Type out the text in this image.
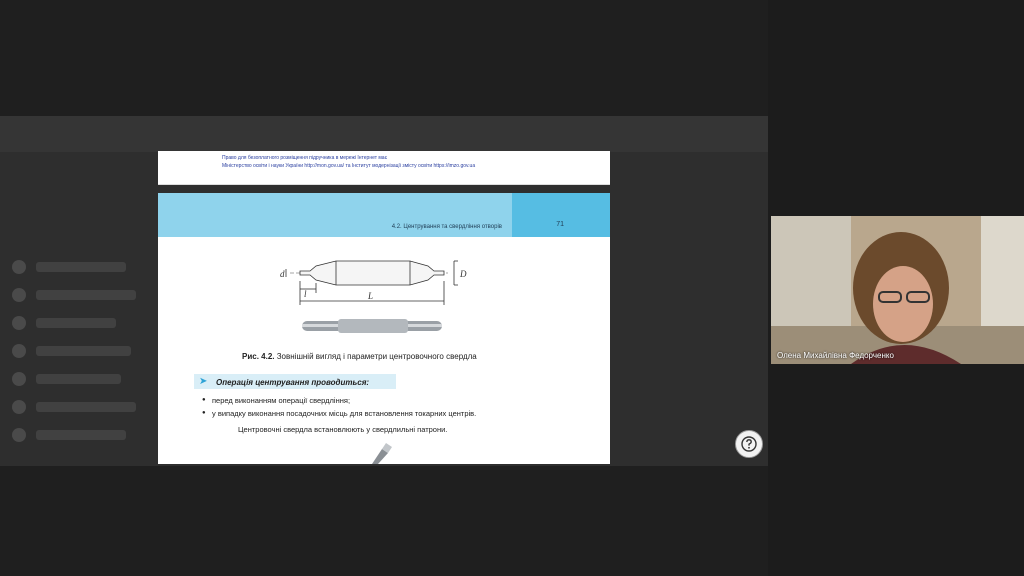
Право для безоплатного розміщення підручника в мережі Інтернет має
Міністерство освіти і науки України http://mon.gov.ua/ та Інститут модернізації змісту освіти https://imzo.gov.ua
71
4.2. Центрування та свердління отворів
d	D
l	L
Рис. 4.2. Зовнішній вигляд і параметри центровочного свердла
➤ Операція центрування проводиться:
● перед виконанням операції свердління;
● у випадку виконання посадочних місць для встановлення токарних центрів.
Центровочні свердла встановлюють у свердлильні патрони.
Олена Михайлівна Федорченко
